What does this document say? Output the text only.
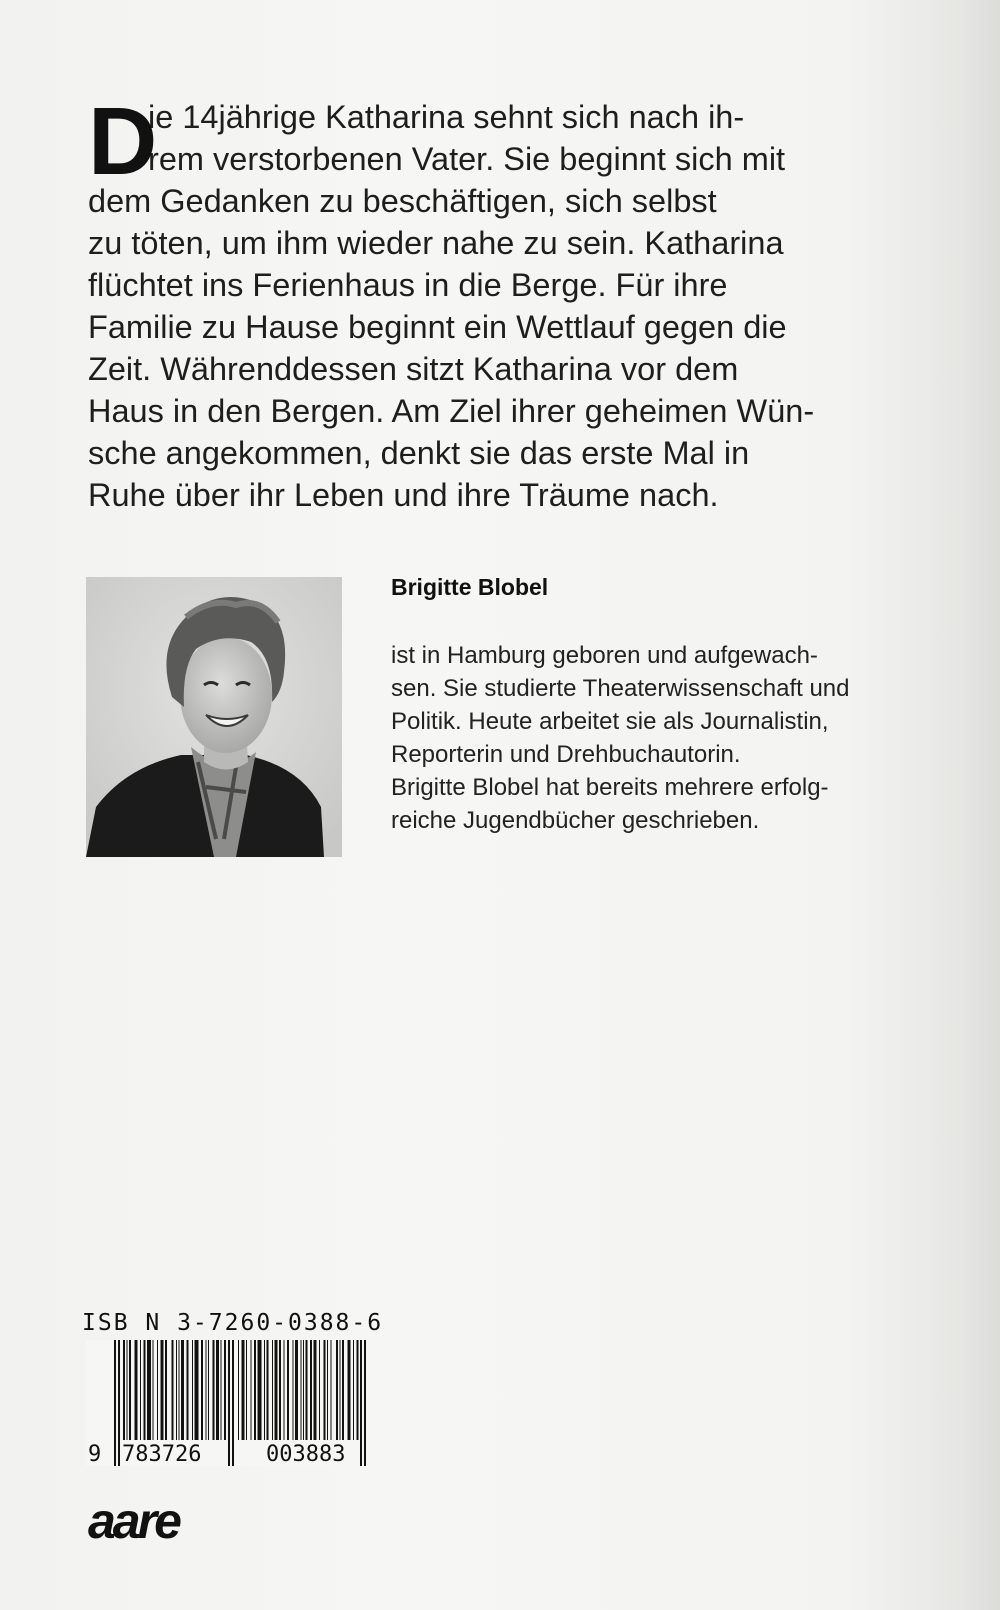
D
ie 14jährige Katharina sehnt sich nach ih-
rem verstorbenen Vater. Sie beginnt sich mit
dem Gedanken zu beschäftigen, sich selbst
zu töten, um ihm wieder nahe zu sein. Katharina
flüchtet ins Ferienhaus in die Berge. Für ihre
Familie zu Hause beginnt ein Wettlauf gegen die
Zeit. Währenddessen sitzt Katharina vor dem
Haus in den Bergen. Am Ziel ihrer geheimen Wün-
sche angekommen, denkt sie das erste Mal in
Ruhe über ihr Leben und ihre Träume nach.
Brigitte Blobel
ist in Hamburg geboren und aufgewach-
sen. Sie studierte Theaterwissenschaft und
Politik. Heute arbeitet sie als Journalistin,
Reporterin und Drehbuchautorin.
Brigitte Blobel hat bereits mehrere erfolg-
reiche Jugendbücher geschrieben.
ISB N 3-7260-0388-6
9 783726	003883
aare
